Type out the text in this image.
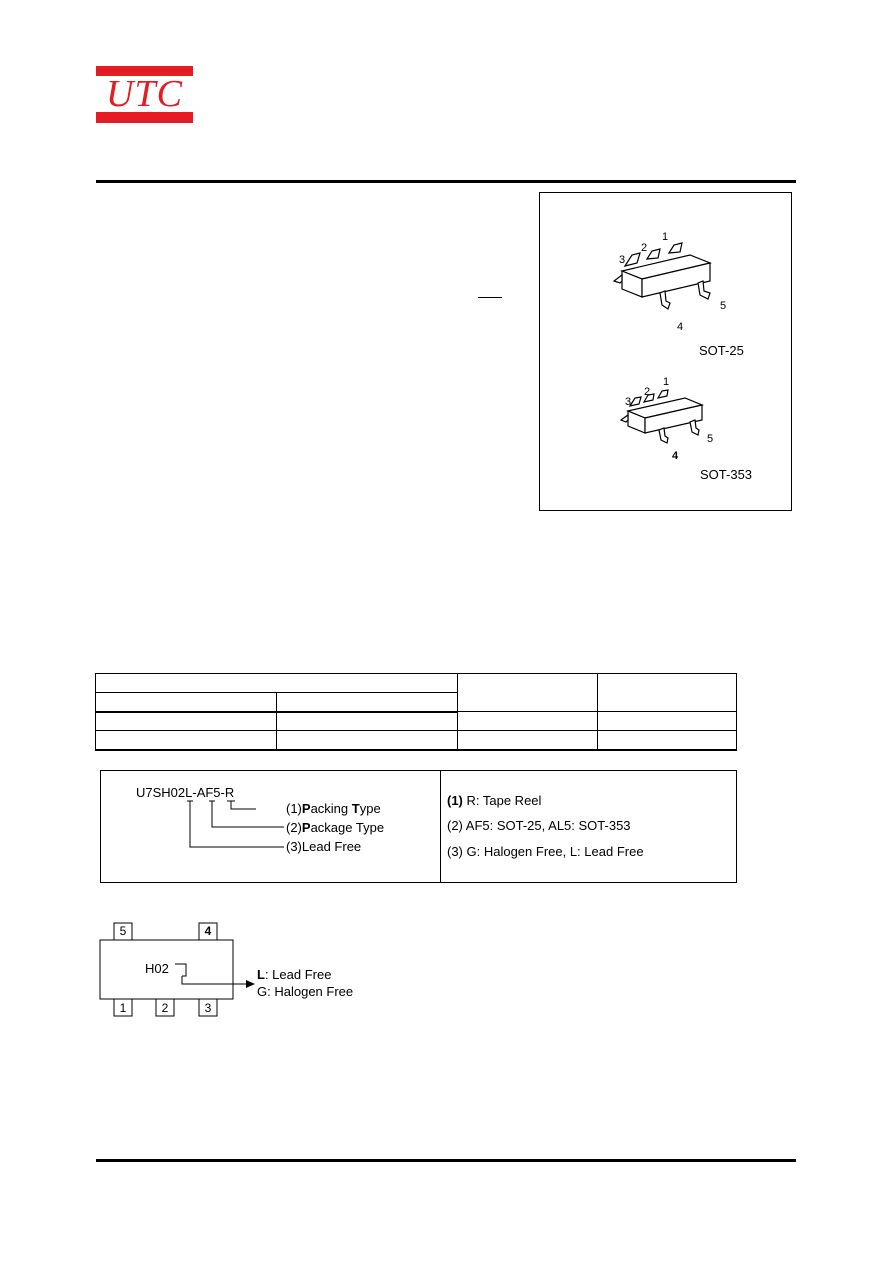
UTC
1
2
3
4
5
1
2
3
4
5
SOT-25
SOT-353

U7SH02L-AF5-R
(1)Packing Type
(2)Package Type
(3)Lead Free
(1) R: Tape Reel
(2) AF5: SOT-25, AL5: SOT-353
(3) G: Halogen Free, L: Lead Free
5	4
1	2	3
H02	L: Lead Free
G: Halogen Free
